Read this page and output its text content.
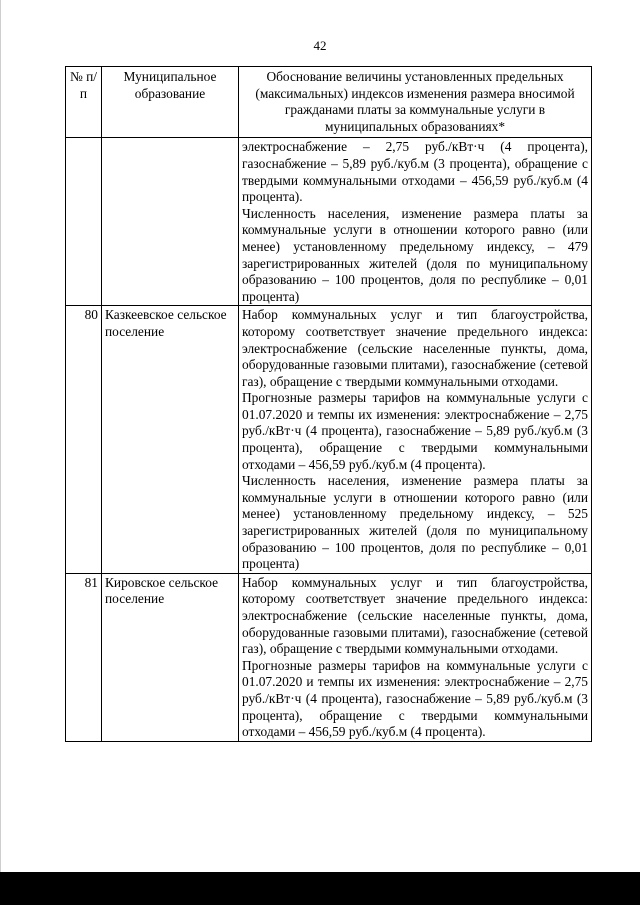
42
№ п/п	Муниципальное образование	Обоснование величины установленных предельных (максимальных) индексов изменения размера вносимой гражданами платы за коммунальные услуги в муниципальных образованиях*

		электроснабжение – 2,75 руб./кВт·ч (4 процента), газоснабжение – 5,89 руб./куб.м (3 процента), обращение с твердыми коммунальными отходами – 456,59 руб./куб.м (4 процента).

Численность населения, изменение размера платы за коммунальные услуги в отношении которого равно (или менее) установленному предельному индексу, – 479 зарегистрированных жителей (доля по муниципальному образованию – 100 процентов, доля по республике – 0,01 процента)

80	Казкеевское сельское поселение	Набор коммунальных услуг и тип благоустройства, которому соответствует значение предельного индекса: электроснабжение (сельские населенные пункты, дома, оборудованные газовыми плитами), газоснабжение (сетевой газ), обращение с твердыми коммунальными отходами.

Прогнозные размеры тарифов на коммунальные услуги с 01.07.2020 и темпы их изменения: электроснабжение – 2,75 руб./кВт·ч (4 процента), газоснабжение – 5,89 руб./куб.м (3 процента), обращение с твердыми коммунальными отходами – 456,59 руб./куб.м (4 процента).

Численность населения, изменение размера платы за коммунальные услуги в отношении которого равно (или менее) установленному предельному индексу, – 525 зарегистрированных жителей (доля по муниципальному образованию – 100 процентов, доля по республике – 0,01 процента)

81	Кировское сельское поселение	Набор коммунальных услуг и тип благоустройства, которому соответствует значение предельного индекса: электроснабжение (сельские населенные пункты, дома, оборудованные газовыми плитами), газоснабжение (сетевой газ), обращение с твердыми коммунальными отходами.

Прогнозные размеры тарифов на коммунальные услуги с 01.07.2020 и темпы их изменения: электроснабжение – 2,75 руб./кВт·ч (4 процента), газоснабжение – 5,89 руб./куб.м (3 процента), обращение с твердыми коммунальными отходами – 456,59 руб./куб.м (4 процента).
